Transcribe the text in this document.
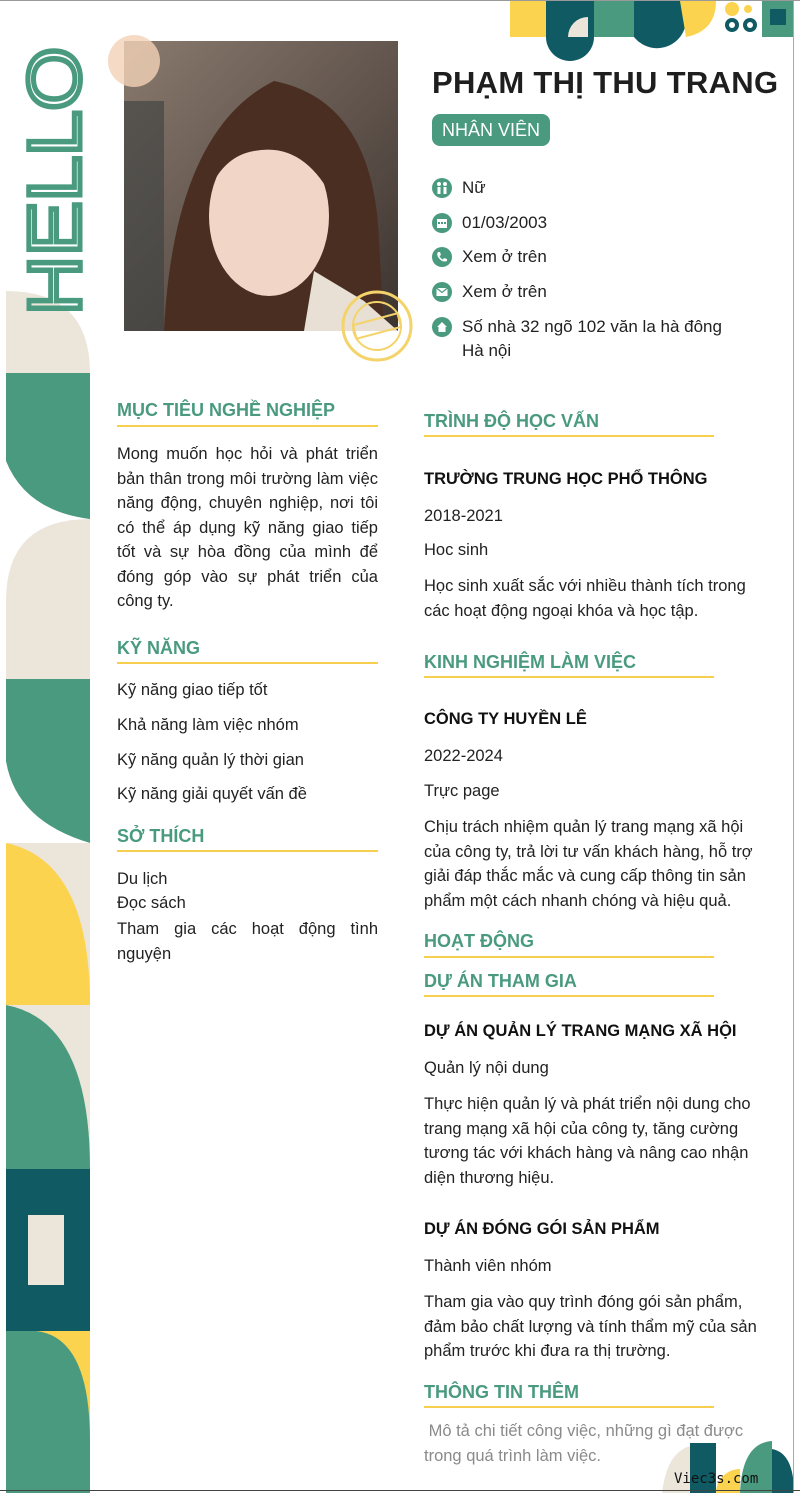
HELLO	PHẠM THỊ THU TRANG
NHÂN VIÊN
Nữ
01/03/2003
Xem ở trên
Xem ở trên
Số nhà 32 ngõ 102 văn la hà đông
Hà nội
MỤC TIÊU NGHỀ NGHIỆP
Mong muốn học hỏi và phát triển bản thân trong môi trường làm việc năng động, chuyên nghiệp, nơi tôi có thể áp dụng kỹ năng giao tiếp tốt và sự hòa đồng của mình để đóng góp vào sự phát triển của công ty.
KỸ NĂNG
Kỹ năng giao tiếp tốt
Khả năng làm việc nhóm
Kỹ năng quản lý thời gian
Kỹ năng giải quyết vấn đề
SỞ THÍCH
Du lịch
Đọc sách
Tham gia các hoạt động tình nguyện
TRÌNH ĐỘ HỌC VẤN
TRƯỜNG TRUNG HỌC PHỔ THÔNG
2018-2021
Hoc sinh
Học sinh xuất sắc với nhiều thành tích trong các hoạt động ngoại khóa và học tập.
KINH NGHIỆM LÀM VIỆC
CÔNG TY HUYỀN LÊ
2022-2024
Trực page
Chịu trách nhiệm quản lý trang mạng xã hội của công ty, trả lời tư vấn khách hàng, hỗ trợ giải đáp thắc mắc và cung cấp thông tin sản phẩm một cách nhanh chóng và hiệu quả.
HOẠT ĐỘNG
DỰ ÁN THAM GIA
DỰ ÁN QUẢN LÝ TRANG MẠNG XÃ HỘI
Quản lý nội dung
Thực hiện quản lý và phát triển nội dung cho trang mạng xã hội của công ty, tăng cường tương tác với khách hàng và nâng cao nhận diện thương hiệu.
DỰ ÁN ĐÓNG GÓI SẢN PHẨM
Thành viên nhóm
Tham gia vào quy trình đóng gói sản phẩm, đảm bảo chất lượng và tính thẩm mỹ của sản phẩm trước khi đưa ra thị trường.
THÔNG TIN THÊM
Mô tả chi tiết công việc, những gì đạt được trong quá trình làm việc.
Viec3s.com
